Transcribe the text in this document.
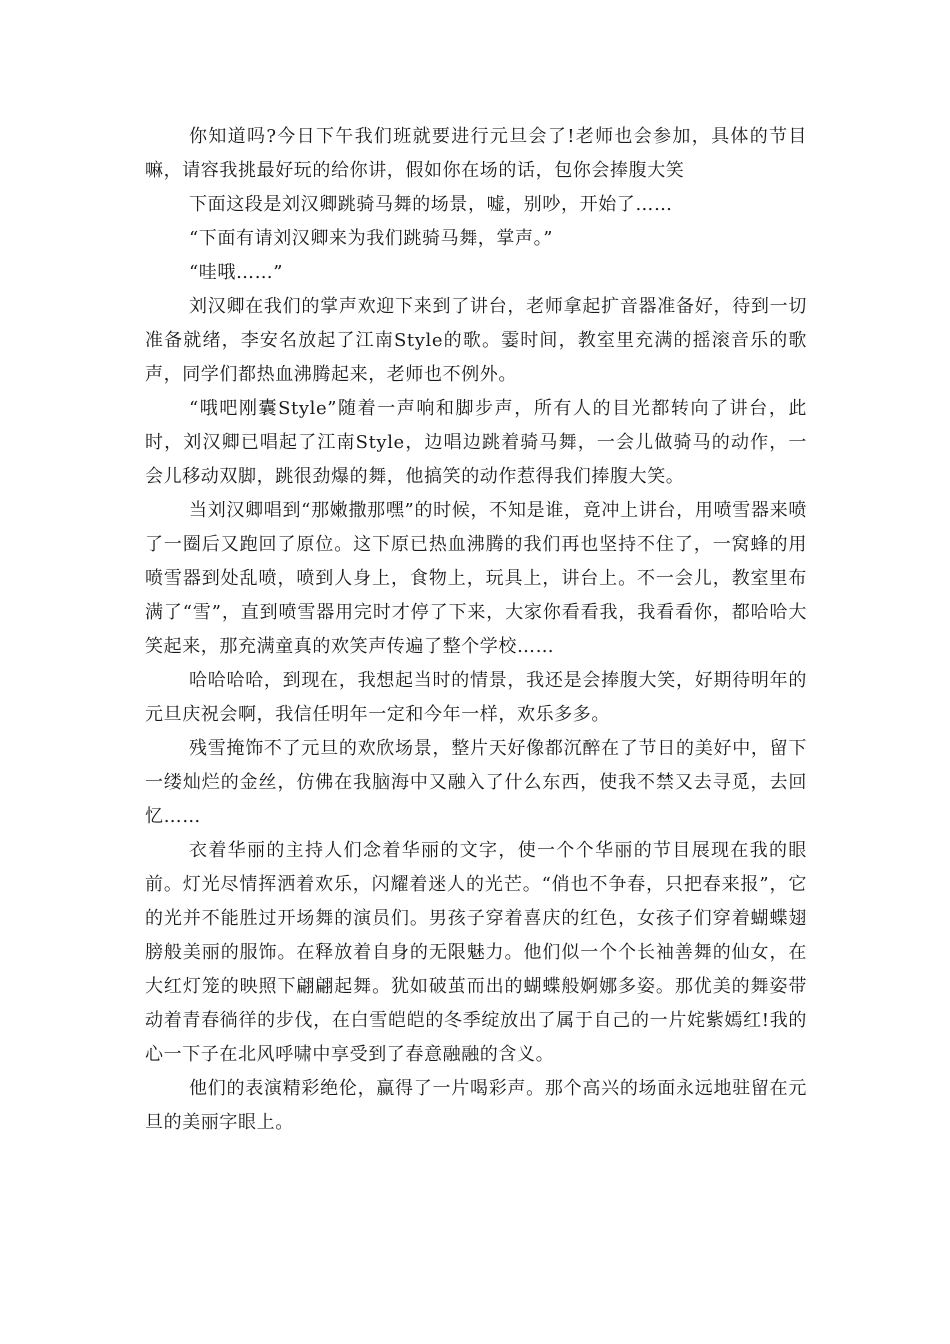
你知道吗?今日下午我们班就要进行元旦会了!老师也会参加，具体的节目嘛，请容我挑最好玩的给你讲，假如你在场的话，包你会捧腹大笑

下面这段是刘汉卿跳骑马舞的场景，嘘，别吵，开始了……

“下面有请刘汉卿来为我们跳骑马舞，掌声。”

“哇哦……”

刘汉卿在我们的掌声欢迎下来到了讲台，老师拿起扩音器准备好，待到一切准备就绪，李安名放起了江南Style的歌。霎时间，教室里充满的摇滚音乐的歌声，同学们都热血沸腾起来，老师也不例外。

“哦吧刚囊Style”随着一声响和脚步声，所有人的目光都转向了讲台，此时，刘汉卿已唱起了江南Style，边唱边跳着骑马舞，一会儿做骑马的动作，一会儿移动双脚，跳很劲爆的舞，他搞笑的动作惹得我们捧腹大笑。

当刘汉卿唱到“那嫩撒那嘿”的时候，不知是谁，竟冲上讲台，用喷雪器来喷了一圈后又跑回了原位。这下原已热血沸腾的我们再也坚持不住了，一窝蜂的用喷雪器到处乱喷，喷到人身上，食物上，玩具上，讲台上。不一会儿，教室里布满了“雪”，直到喷雪器用完时才停了下来，大家你看看我，我看看你，都哈哈大笑起来，那充满童真的欢笑声传遍了整个学校……

哈哈哈哈，到现在，我想起当时的情景，我还是会捧腹大笑，好期待明年的元旦庆祝会啊，我信任明年一定和今年一样，欢乐多多。

残雪掩饰不了元旦的欢欣场景，整片天好像都沉醉在了节日的美好中，留下一缕灿烂的金丝，仿佛在我脑海中又融入了什么东西，使我不禁又去寻觅，去回忆……

衣着华丽的主持人们念着华丽的文字，使一个个华丽的节目展现在我的眼前。灯光尽情挥洒着欢乐，闪耀着迷人的光芒。“俏也不争春，只把春来报”，它的光并不能胜过开场舞的演员们。男孩子穿着喜庆的红色，女孩子们穿着蝴蝶翅膀般美丽的服饰。在释放着自身的无限魅力。他们似一个个长袖善舞的仙女，在大红灯笼的映照下翩翩起舞。犹如破茧而出的蝴蝶般婀娜多姿。那优美的舞姿带动着青春徜徉的步伐，在白雪皑皑的冬季绽放出了属于自己的一片姹紫嫣红!我的心一下子在北风呼啸中享受到了春意融融的含义。

他们的表演精彩绝伦，赢得了一片喝彩声。那个高兴的场面永远地驻留在元旦的美丽字眼上。
